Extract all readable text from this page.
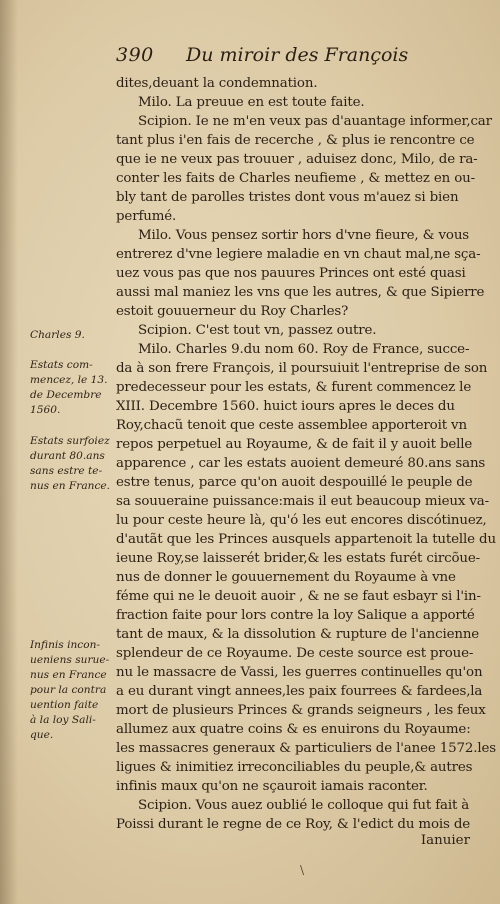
390 Du miroir des François
dites,deuant la condemnation.
Milo. La preuue en est toute faite.
Scipion. Ie ne m'en veux pas d'auantage informer,car
tant plus i'en fais de recerche , & plus ie rencontre ce
que ie ne veux pas trouuer , aduisez donc, Milo, de ra-
conter les faits de Charles neufieme , & mettez en ou-
bly tant de parolles tristes dont vous m'auez si bien
perfumé.
Milo. Vous pensez sortir hors d'vne fieure, & vous
entrerez d'vne legiere maladie en vn chaut mal,ne sça-
uez vous pas que nos pauures Princes ont esté quasi
aussi mal maniez les vns que les autres, & que Sipierre
estoit gouuerneur du Roy Charles?
Scipion. C'est tout vn, passez outre.
Milo. Charles 9.du nom 60. Roy de France, succe-
da à son frere François, il poursuiuit l'entreprise de son
predecesseur pour les estats, & furent commencez le
XIII. Decembre 1560. huict iours apres le deces du
Roy,chacũ tenoit que ceste assemblee apporteroit vn
repos perpetuel au Royaume, & de fait il y auoit belle
apparence , car les estats auoient demeuré 80.ans sans
estre tenus, parce qu'on auoit despouillé le peuple de
sa souueraine puissance:mais il eut beaucoup mieux va-
lu pour ceste heure là, qu'ó les eut encores discótinuez,
d'autãt que les Princes ausquels appartenoit la tutelle du
ieune Roy,se laisserét brider,& les estats furét circõue-
nus de donner le gouuernement du Royaume à vne
féme qui ne le deuoit auoir , & ne se faut esbayr si l'in-
fraction faite pour lors contre la loy Salique a apporté
tant de maux, & la dissolution & rupture de l'ancienne
splendeur de ce Royaume. De ceste source est proue-
nu le massacre de Vassi, les guerres continuelles qu'on
a eu durant vingt annees,les paix fourrees & fardees,la
mort de plusieurs Princes & grands seigneurs , les feux
allumez aux quatre coins & es enuirons du Royaume:
les massacres generaux & particuliers de l'anee 1572.les
ligues & inimitiez irreconciliables du peuple,& autres
infinis maux qu'on ne sçauroit iamais raconter.
Scipion. Vous auez oublié le colloque qui fut fait à
Poissi durant le regne de ce Roy, & l'edict du mois de
Charles 9.
Estats com-
mencez, le 13.
de Decembre
1560.
Estats surfoiez
durant 80.ans
sans estre te-
nus en France.
Infinis incon-
ueniens surue-
nus en France
pour la contra
uention faite
à la loy Sali-
que.
Ianuier
\
